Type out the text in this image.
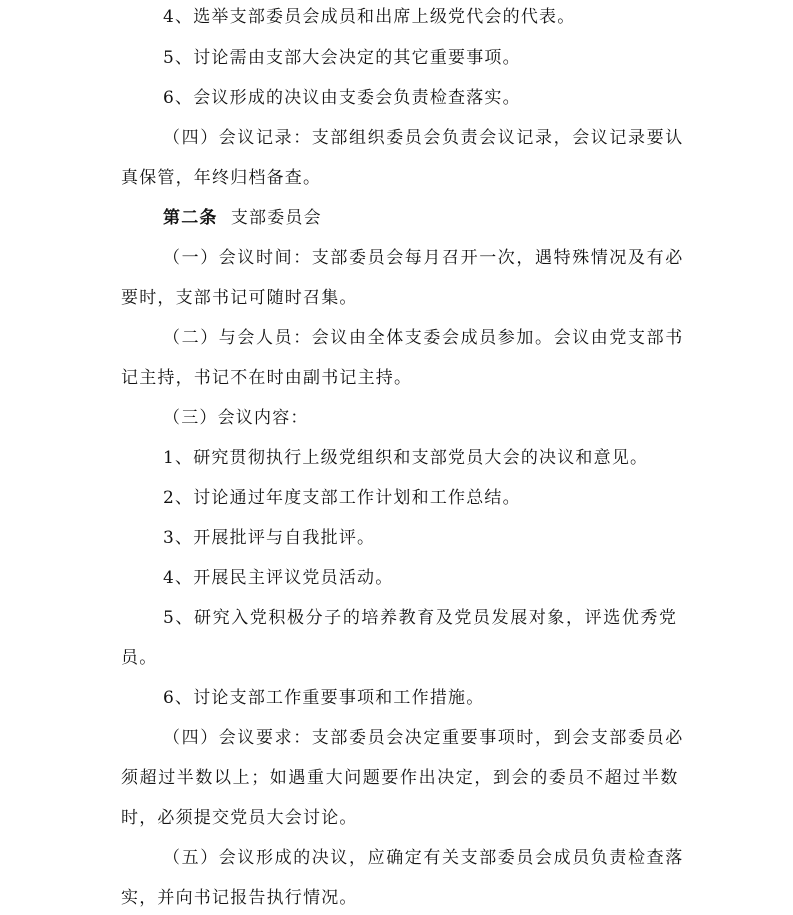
4、选举支部委员会成员和出席上级党代会的代表。
5、讨论需由支部大会决定的其它重要事项。
6、会议形成的决议由支委会负责检查落实。
（四）会议记录：支部组织委员会负责会议记录，会议记录要认
真保管，年终归档备查。
第二条 支部委员会
（一）会议时间：支部委员会每月召开一次，遇特殊情况及有必
要时，支部书记可随时召集。
（二）与会人员：会议由全体支委会成员参加。会议由党支部书
记主持，书记不在时由副书记主持。
（三）会议内容：
1、研究贯彻执行上级党组织和支部党员大会的决议和意见。
2、讨论通过年度支部工作计划和工作总结。
3、开展批评与自我批评。
4、开展民主评议党员活动。
5、研究入党积极分子的培养教育及党员发展对象，评选优秀党
员。
6、讨论支部工作重要事项和工作措施。
（四）会议要求：支部委员会决定重要事项时，到会支部委员必
须超过半数以上；如遇重大问题要作出决定，到会的委员不超过半数
时，必须提交党员大会讨论。
（五）会议形成的决议，应确定有关支部委员会成员负责检查落
实，并向书记报告执行情况。
